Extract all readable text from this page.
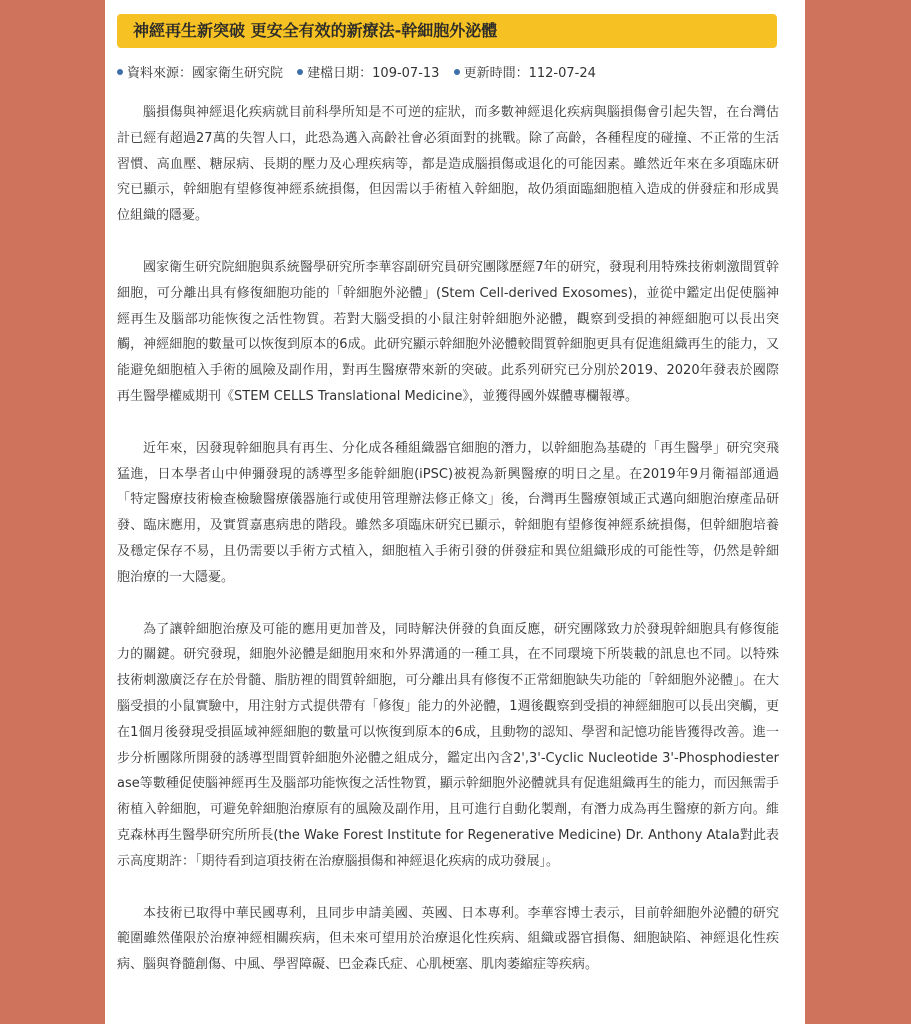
神經再生新突破 更安全有效的新療法-幹細胞外泌體
資料來源：國家衛生研究院 建檔日期：109-07-13 更新時間：112-07-24

腦損傷與神經退化疾病就目前科學所知是不可逆的症狀，而多數神經退化疾病與腦損傷會引起失智，在台灣估計已經有超過27萬的失智人口，此恐為邁入高齡社會必須面對的挑戰。除了高齡，各種程度的碰撞、不正常的生活習慣、高血壓、糖尿病、長期的壓力及心理疾病等，都是造成腦損傷或退化的可能因素。雖然近年來在多項臨床研究已顯示，幹細胞有望修復神經系統損傷，但因需以手術植入幹細胞，故仍須面臨細胞植入造成的併發症和形成異位組織的隱憂。

國家衛生研究院細胞與系統醫學研究所李華容副研究員研究團隊歷經7年的研究，發現利用特殊技術刺激間質幹細胞，可分離出具有修復細胞功能的「幹細胞外泌體」(Stem Cell-derived Exosomes)，並從中鑑定出促使腦神經再生及腦部功能恢復之活性物質。若對大腦受損的小鼠注射幹細胞外泌體，觀察到受損的神經細胞可以長出突觸，神經細胞的數量可以恢復到原本的6成。此研究顯示幹細胞外泌體較間質幹細胞更具有促進組織再生的能力，又能避免細胞植入手術的風險及副作用，對再生醫療帶來新的突破。此系列研究已分別於2019、2020年發表於國際再生醫學權威期刊《STEM CELLS Translational Medicine》，並獲得國外媒體專欄報導。

近年來，因發現幹細胞具有再生、分化成各種組織器官細胞的潛力，以幹細胞為基礎的「再生醫學」研究突飛猛進，日本學者山中伸彌發現的誘導型多能幹細胞(iPSC)被視為新興醫療的明日之星。在2019年9月衛福部通過「特定醫療技術檢查檢驗醫療儀器施行或使用管理辦法修正條文」後，台灣再生醫療領域正式邁向細胞治療產品研發、臨床應用，及實質嘉惠病患的階段。雖然多項臨床研究已顯示，幹細胞有望修復神經系統損傷，但幹細胞培養及穩定保存不易，且仍需要以手術方式植入，細胞植入手術引發的併發症和異位組織形成的可能性等，仍然是幹細胞治療的一大隱憂。

為了讓幹細胞治療及可能的應用更加普及，同時解決併發的負面反應，研究團隊致力於發現幹細胞具有修復能力的關鍵。研究發現，細胞外泌體是細胞用來和外界溝通的一種工具，在不同環境下所裝載的訊息也不同。以特殊技術刺激廣泛存在於骨髓、脂肪裡的間質幹細胞，可分離出具有修復不正常細胞缺失功能的「幹細胞外泌體」。在大腦受損的小鼠實驗中，用注射方式提供帶有「修復」能力的外泌體，1週後觀察到受損的神經細胞可以長出突觸，更在1個月後發現受損區域神經細胞的數量可以恢復到原本的6成，且動物的認知、學習和記憶功能皆獲得改善。進一步分析團隊所開發的誘導型間質幹細胞外泌體之組成分，鑑定出內含2',3'-Cyclic Nucleotide 3'-Phosphodiesterase等數種促使腦神經再生及腦部功能恢復之活性物質，顯示幹細胞外泌體就具有促進組織再生的能力，而因無需手術植入幹細胞，可避免幹細胞治療原有的風險及副作用，且可進行自動化製劑，有潛力成為再生醫療的新方向。維克森林再生醫學研究所所長(the Wake Forest Institute for Regenerative Medicine) Dr. Anthony Atala對此表示高度期許：「期待看到這項技術在治療腦損傷和神經退化疾病的成功發展」。

本技術已取得中華民國專利，且同步申請美國、英國、日本專利。李華容博士表示，目前幹細胞外泌體的研究範圍雖然僅限於治療神經相關疾病，但未來可望用於治療退化性疾病、組織或器官損傷、細胞缺陷、神經退化性疾病、腦與脊髓創傷、中風、學習障礙、巴金森氏症、心肌梗塞、肌肉萎縮症等疾病。
